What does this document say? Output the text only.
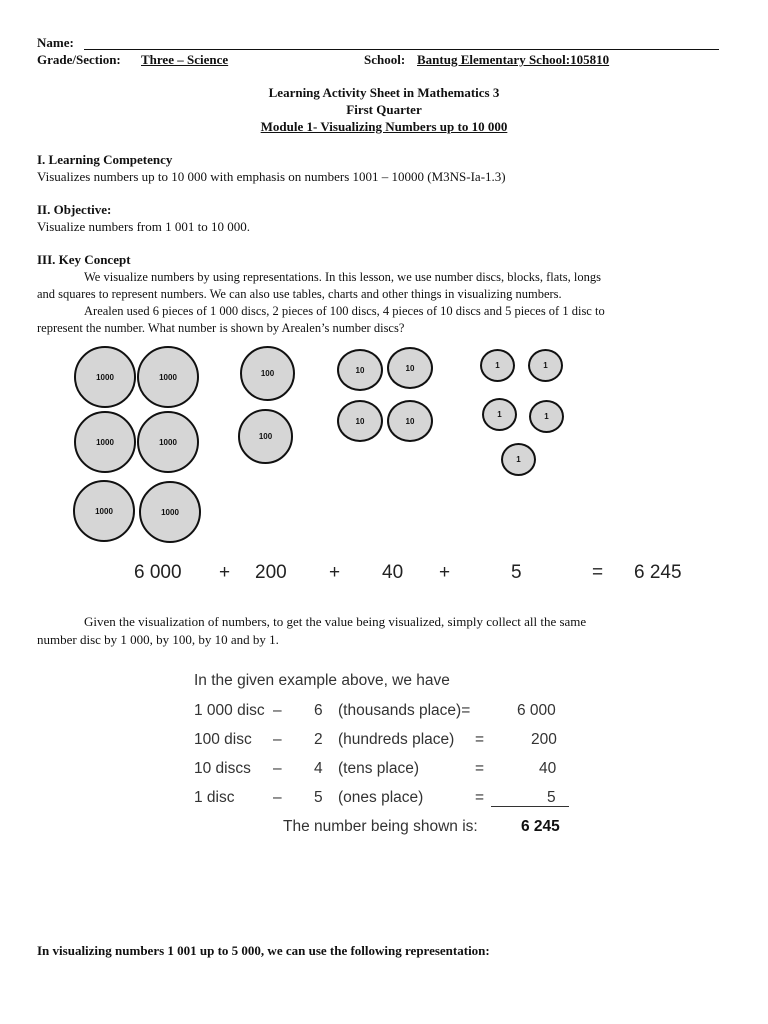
Name:
Grade/Section: Three – Science	School: Bantug Elementary School:105810
Learning Activity Sheet in Mathematics 3
First Quarter
Module 1- Visualizing Numbers up to 10 000
I. Learning Competency
Visualizes numbers up to 10 000 with emphasis on numbers 1001 – 10000 (M3NS-Ia-1.3)
II. Objective:
Visualize numbers from 1 001 to 10 000.
III. Key Concept
We visualize numbers by using representations. In this lesson, we use number discs, blocks, flats, longs
and squares to represent numbers. We can also use tables, charts and other things in visualizing numbers.
Arealen used 6 pieces of 1 000 discs, 2 pieces of 100 discs, 4 pieces of 10 discs and 5 pieces of 1 disc to
represent the number. What number is shown by Arealen’s number discs?
1000	1000
1000	1000
1000	1000
100
100
10	10
10	10
1	1
1	1
1
6 000 + 200 + 40 +	5	= 6 245
Given the visualization of numbers, to get the value being visualized, simply collect all the same
number disc by 1 000, by 100, by 10 and by 1.
In the given example above, we have
1 000 disc – 6 (thousands place)=	6 000
100 disc – 2 (hundreds place) =	200
10 discs – 4 (tens place)	=	40
1 disc – 5 (ones place)	=	5
The number being shown is:	6 245
In visualizing numbers 1 001 up to 5 000, we can use the following representation:
